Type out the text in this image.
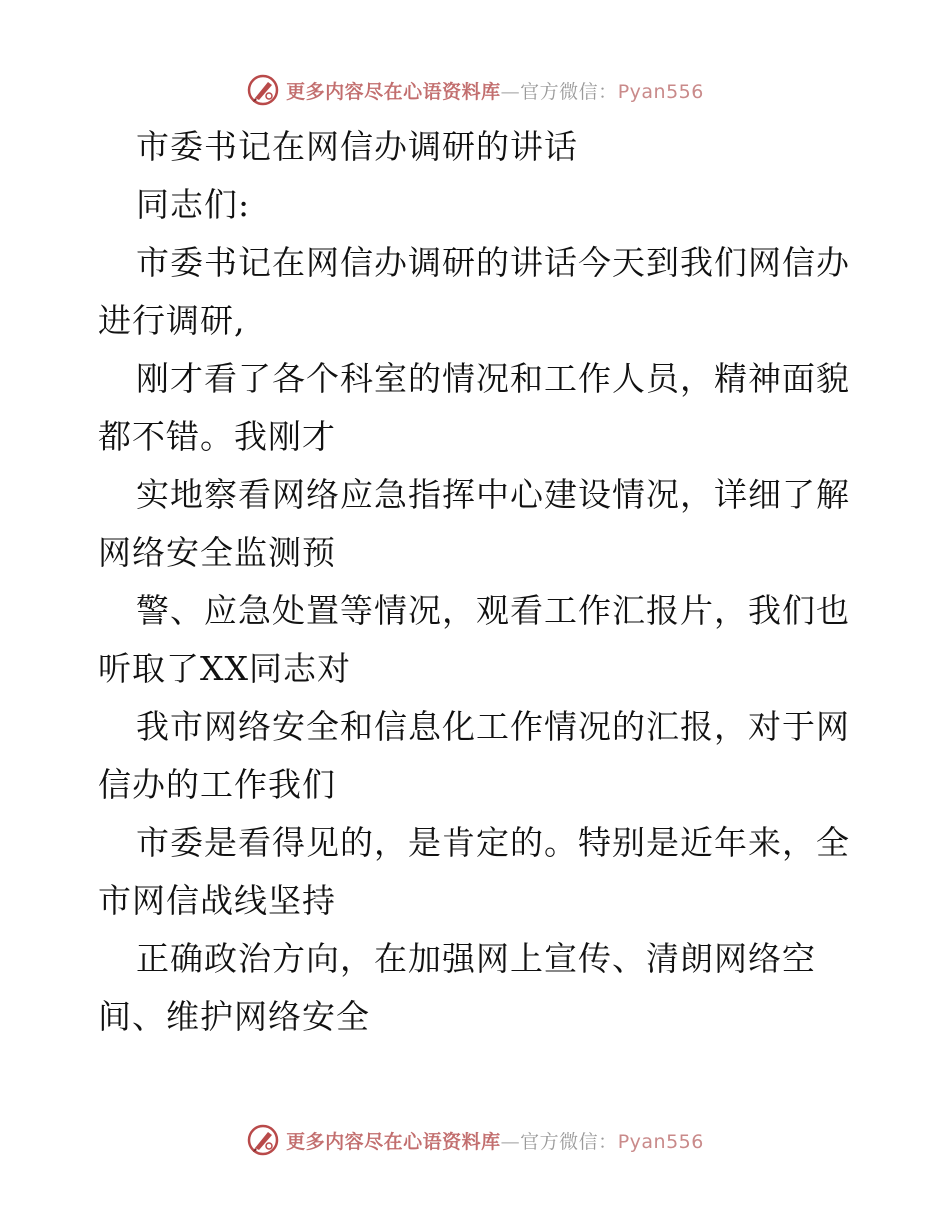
更多内容尽在心语资料库—官方微信：Pyan556
市委书记在网信办调研的讲话
同志们:
市委书记在网信办调研的讲话今天到我们网信办
进行调研,
刚才看了各个科室的情况和工作人员，精神面貌
都不错。我刚才
实地察看网络应急指挥中心建设情况，详细了解
网络安全监测预
警、应急处置等情况，观看工作汇报片，我们也
听取了XX同志对
我市网络安全和信息化工作情况的汇报，对于网
信办的工作我们
市委是看得见的，是肯定的。特别是近年来，全
市网信战线坚持
正确政治方向，在加强网上宣传、清朗网络空
间、维护网络安全
更多内容尽在心语资料库—官方微信：Pyan556
